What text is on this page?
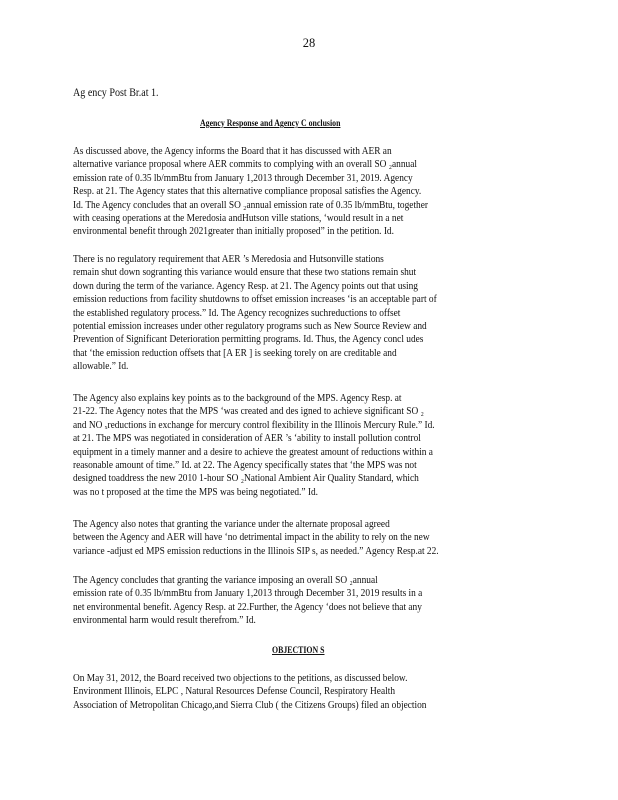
28
Ag ency Post Br.at 1.
Agency Response and Agency C onclusion
As discussed above, the Agency informs the Board that it has discussed with AER an
alternative variance proposal where AER commits to complying with an overall SO ₂annual
emission rate of 0.35 lb/mmBtu from January 1,2013 through December 31, 2019. Agency
Resp. at 21. The Agency states that this alternative compliance proposal satisfies the Agency.
Id. The Agency concludes that an overall SO ₂annual emission rate of 0.35 lb/mmBtu, together
with ceasing operations at the Meredosia andHutson ville stations, ‘would result in a net
environmental benefit through 2021greater than initially proposed” in the petition. Id.
There is no regulatory requirement that AER ’s Meredosia and Hutsonville stations
remain shut down sogranting this variance would ensure that these two stations remain shut
down during the term of the variance. Agency Resp. at 21. The Agency points out that using
emission reductions from facility shutdowns to offset emission increases ‘is an acceptable part of
the established regulatory process.” Id. The Agency recognizes suchreductions to offset
potential emission increases under other regulatory programs such as New Source Review and
Prevention of Significant Deterioration permitting programs. Id. Thus, the Agency concl udes
that ‘the emission reduction offsets that [A ER ] is seeking torely on are creditable and
allowable.” Id.
The Agency also explains key points as to the background of the MPS. Agency Resp. at
21-22. The Agency notes that the MPS ‘was created and des igned to achieve significant SO ₂
and NO ₓreductions in exchange for mercury control flexibility in the Illinois Mercury Rule.” Id.
at 21. The MPS was negotiated in consideration of AER ’s ‘ability to install pollution control
equipment in a timely manner and a desire to achieve the greatest amount of reductions within a
reasonable amount of time.” Id. at 22. The Agency specifically states that ‘the MPS was not
designed toaddress the new 2010 1-hour SO ₂National Ambient Air Quality Standard, which
was no t proposed at the time the MPS was being negotiated.” Id.
The Agency also notes that granting the variance under the alternate proposal agreed
between the Agency and AER will have ‘no detrimental impact in the ability to rely on the new
variance -adjust ed MPS emission reductions in the Illinois SIP s, as needed.” Agency Resp.at 22.
The Agency concludes that granting the variance imposing an overall SO ₂annual
emission rate of 0.35 lb/mmBtu from January 1,2013 through December 31, 2019 results in a
net environmental benefit. Agency Resp. at 22.Further, the Agency ‘does not believe that any
environmental harm would result therefrom.” Id.
OBJECTION S
On May 31, 2012, the Board received two objections to the petitions, as discussed below.
Environment Illinois, ELPC , Natural Resources Defense Council, Respiratory Health
Association of Metropolitan Chicago,and Sierra Club ( the Citizens Groups) filed an objection
